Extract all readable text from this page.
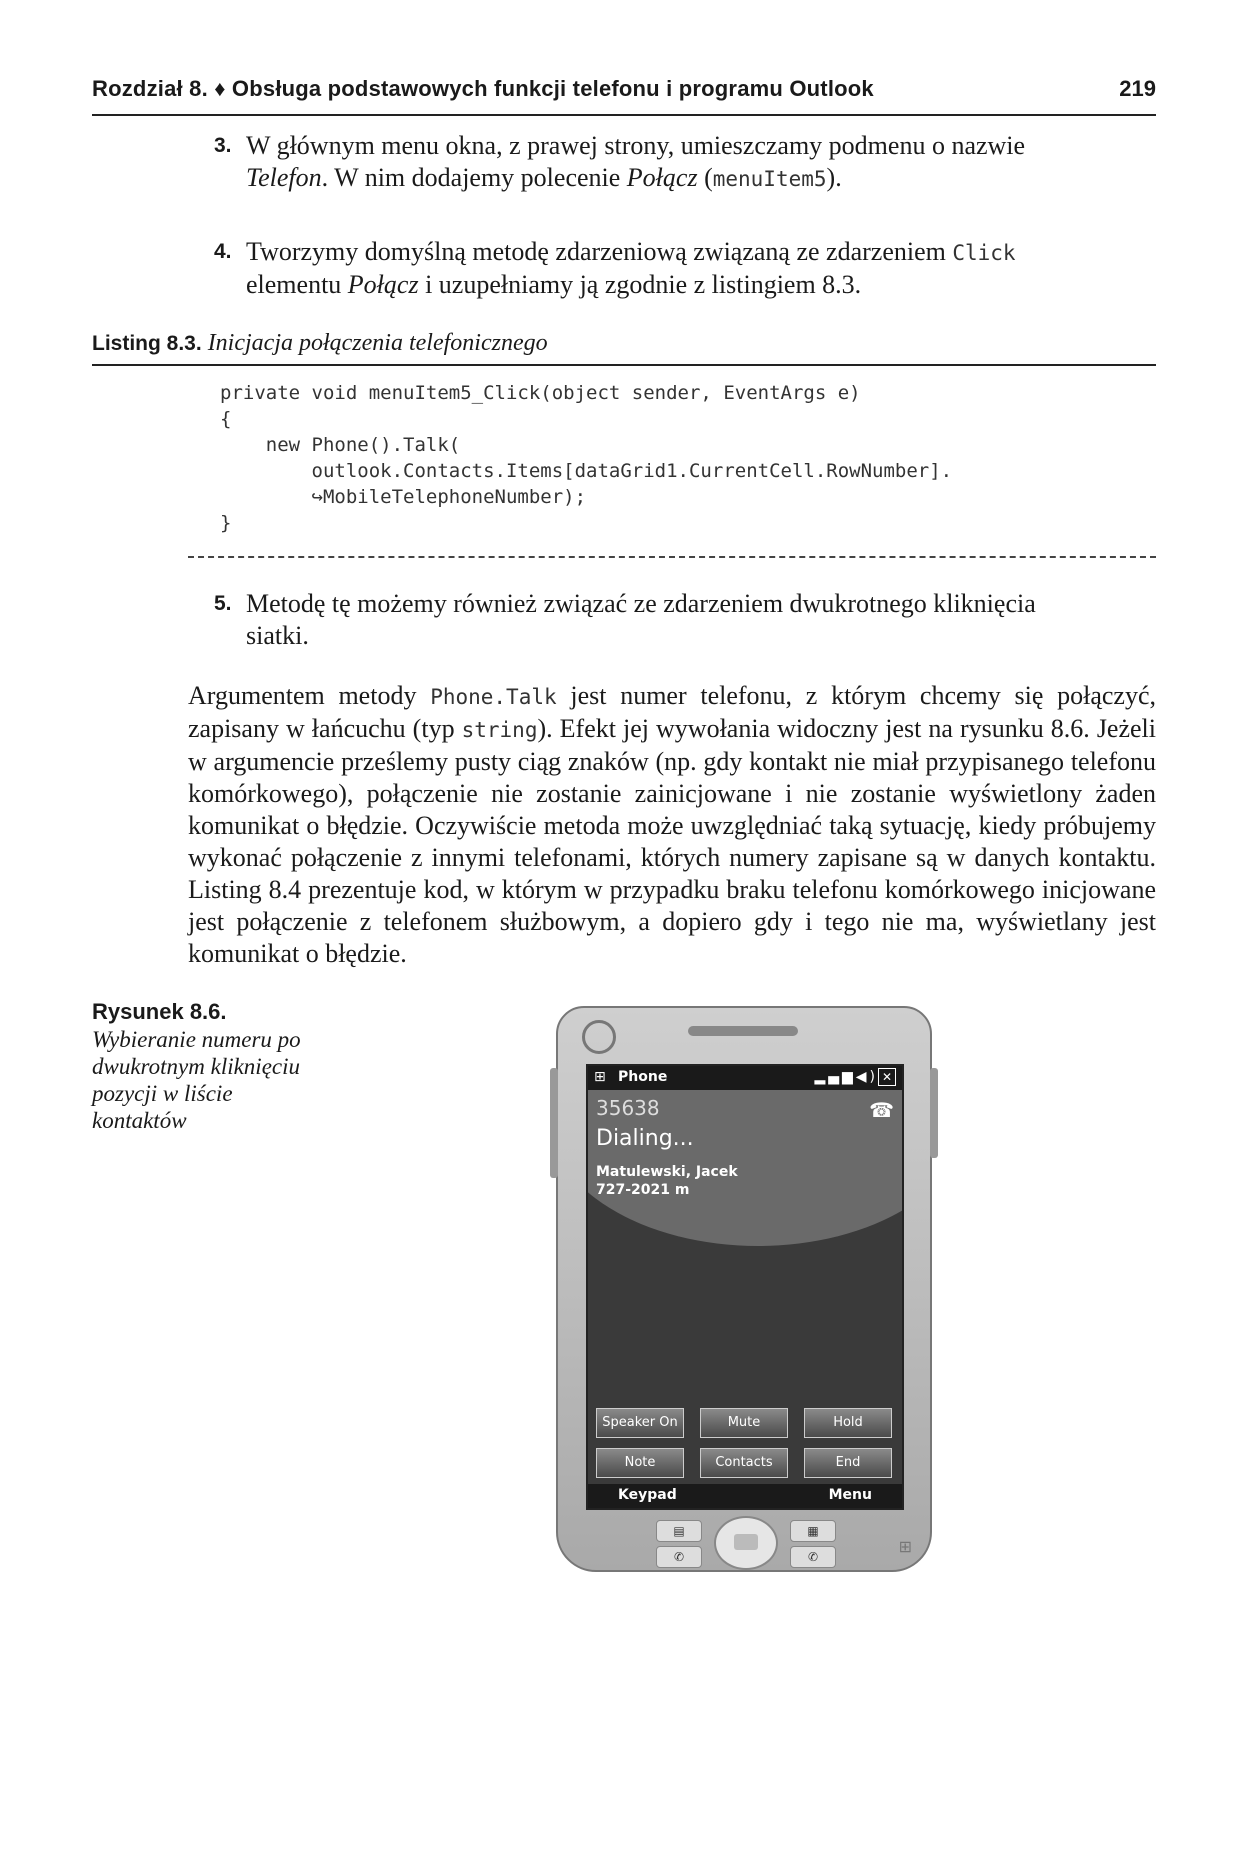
Rozdział 8. ♦ Obsługa podstawowych funkcji telefonu i programu Outlook	219
3. W głównym menu okna, z prawej strony, umieszczamy podmenu o nazwie Telefon. W nim dodajemy polecenie Połącz (menuItem5).
4. Tworzymy domyślną metodę zdarzeniową związaną ze zdarzeniem Click elementu Połącz i uzupełniamy ją zgodnie z listingiem 8.3.
Listing 8.3. Inicjacja połączenia telefonicznego
private void menuItem5_Click(object sender, EventArgs e)
{
new Phone().Talk(
outlook.Contacts.Items[dataGrid1.CurrentCell.RowNumber].
↪MobileTelephoneNumber);
}
5. Metodę tę możemy również związać ze zdarzeniem dwukrotnego kliknięcia siatki.

Argumentem metody Phone.Talk jest numer telefonu, z którym chcemy się połączyć, zapisany w łańcuchu (typ string). Efekt jej wywołania widoczny jest na rysunku 8.6. Jeżeli w argumencie prześlemy pusty ciąg znaków (np. gdy kontakt nie miał przypisanego telefonu komórkowego), połączenie nie zostanie zainicjowane i nie zostanie wyświetlony żaden komunikat o błędzie. Oczywiście metoda może uwzględniać taką sytuację, kiedy próbujemy wykonać połączenie z innymi telefonami, których numery zapisane są w danych kontaktu. Listing 8.4 prezentuje kod, w którym w przypadku braku telefonu komórkowego inicjowane jest połączenie z telefonem służbowym, a dopiero gdy i tego nie ma, wyświetlany jest komunikat o błędzie.

Rysunek 8.6.
Wybieranie numeru po dwukrotnym kliknięciu pozycji w liście kontaktów
⊞ Phone	▂▄▆◀) ✕
35638	☎
Dialing...
Matulewski, Jacek
727-2021 m
Speaker On	Mute	Hold
Note	Contacts	End
Keypad	Menu
▤	▦
✆	✆
⊞
